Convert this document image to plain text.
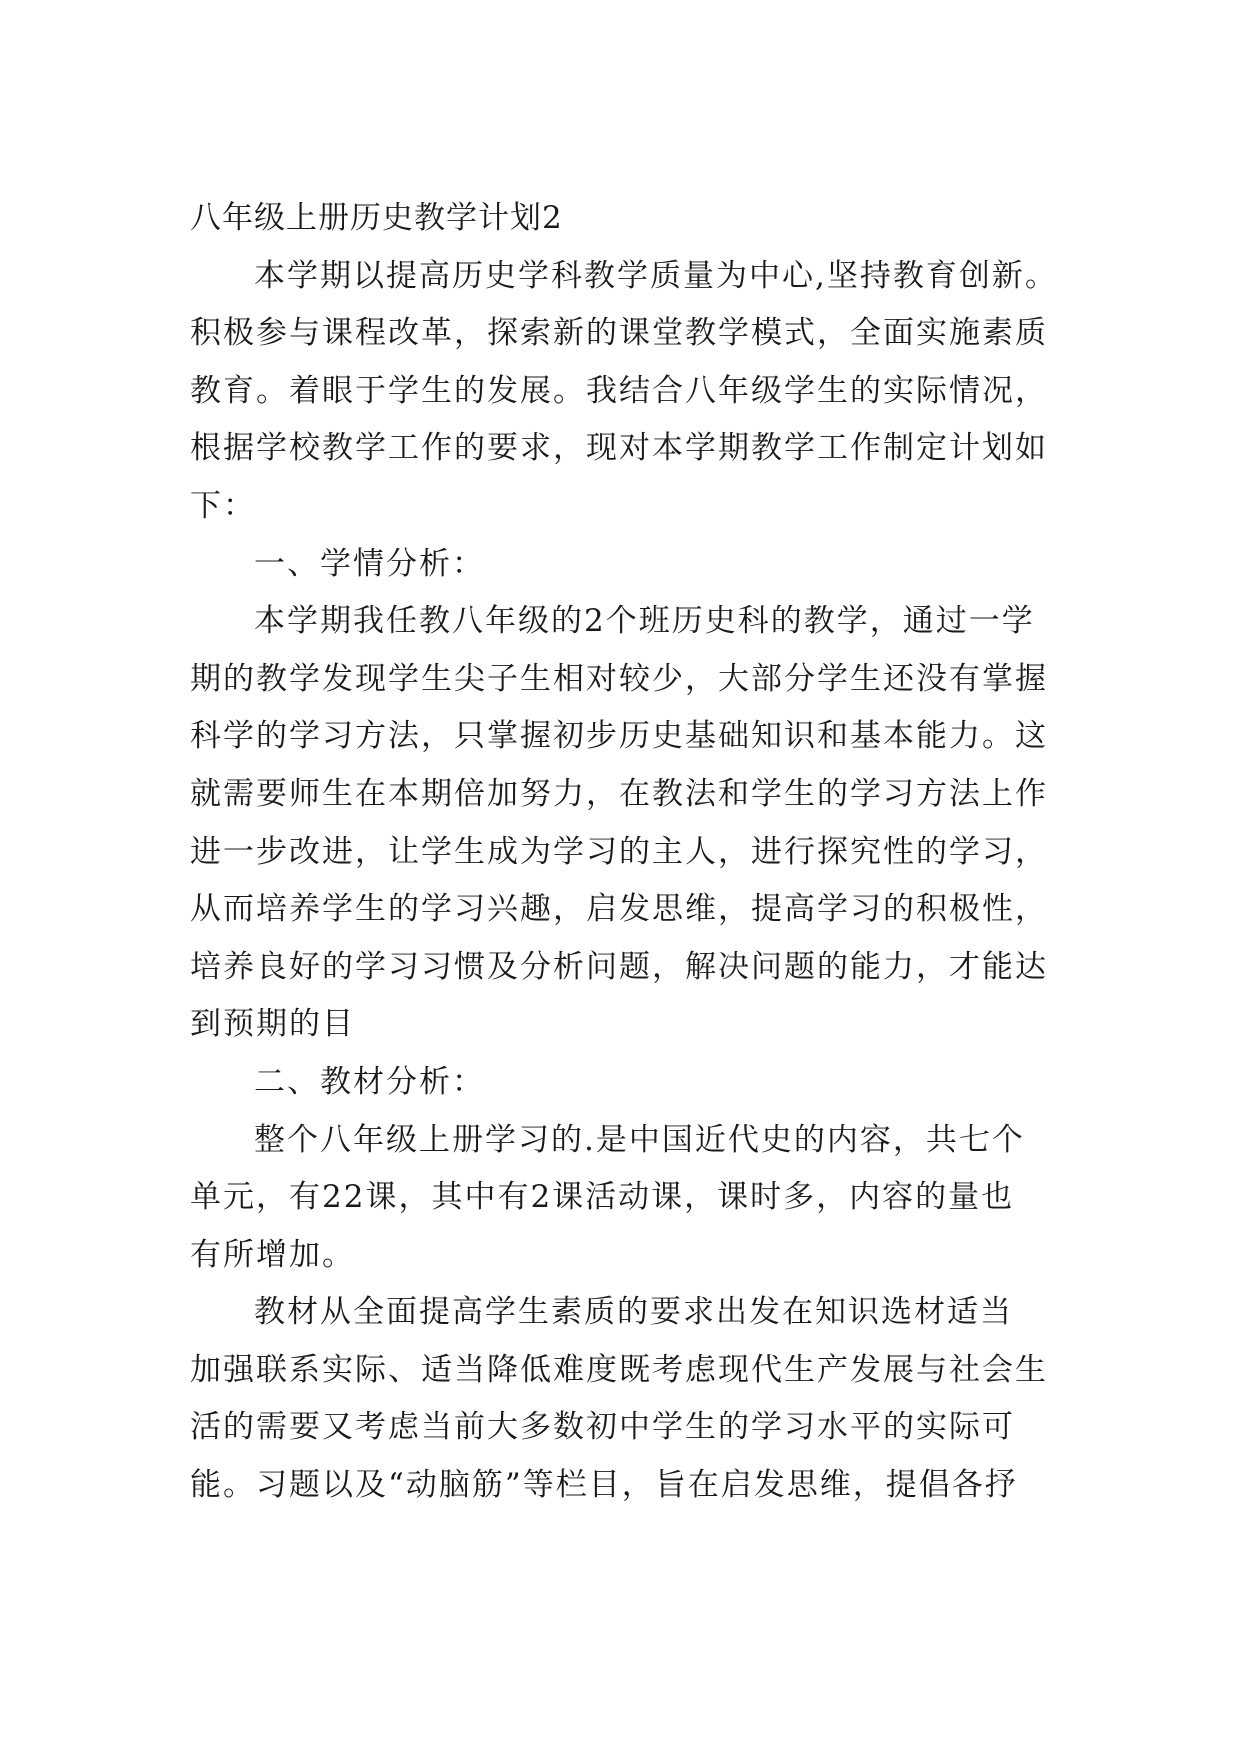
八年级上册历史教学计划2
本学期以提高历史学科教学质量为中心,坚持教育创新。
积极参与课程改革，探索新的课堂教学模式，全面实施素质
教育。着眼于学生的发展。我结合八年级学生的实际情况，
根据学校教学工作的要求，现对本学期教学工作制定计划如
下：
一、学情分析：
本学期我任教八年级的2个班历史科的教学，通过一学
期的教学发现学生尖子生相对较少，大部分学生还没有掌握
科学的学习方法，只掌握初步历史基础知识和基本能力。这
就需要师生在本期倍加努力，在教法和学生的学习方法上作
进一步改进，让学生成为学习的主人，进行探究性的学习，
从而培养学生的学习兴趣，启发思维，提高学习的积极性，
培养良好的学习习惯及分析问题，解决问题的能力，才能达
到预期的目
二、教材分析：
整个八年级上册学习的.是中国近代史的内容，共七个
单元，有22课，其中有2课活动课，课时多，内容的量也
有所增加。
教材从全面提高学生素质的要求出发在知识选材适当
加强联系实际、适当降低难度既考虑现代生产发展与社会生
活的需要又考虑当前大多数初中学生的学习水平的实际可
能。习题以及“动脑筋”等栏目，旨在启发思维，提倡各抒
